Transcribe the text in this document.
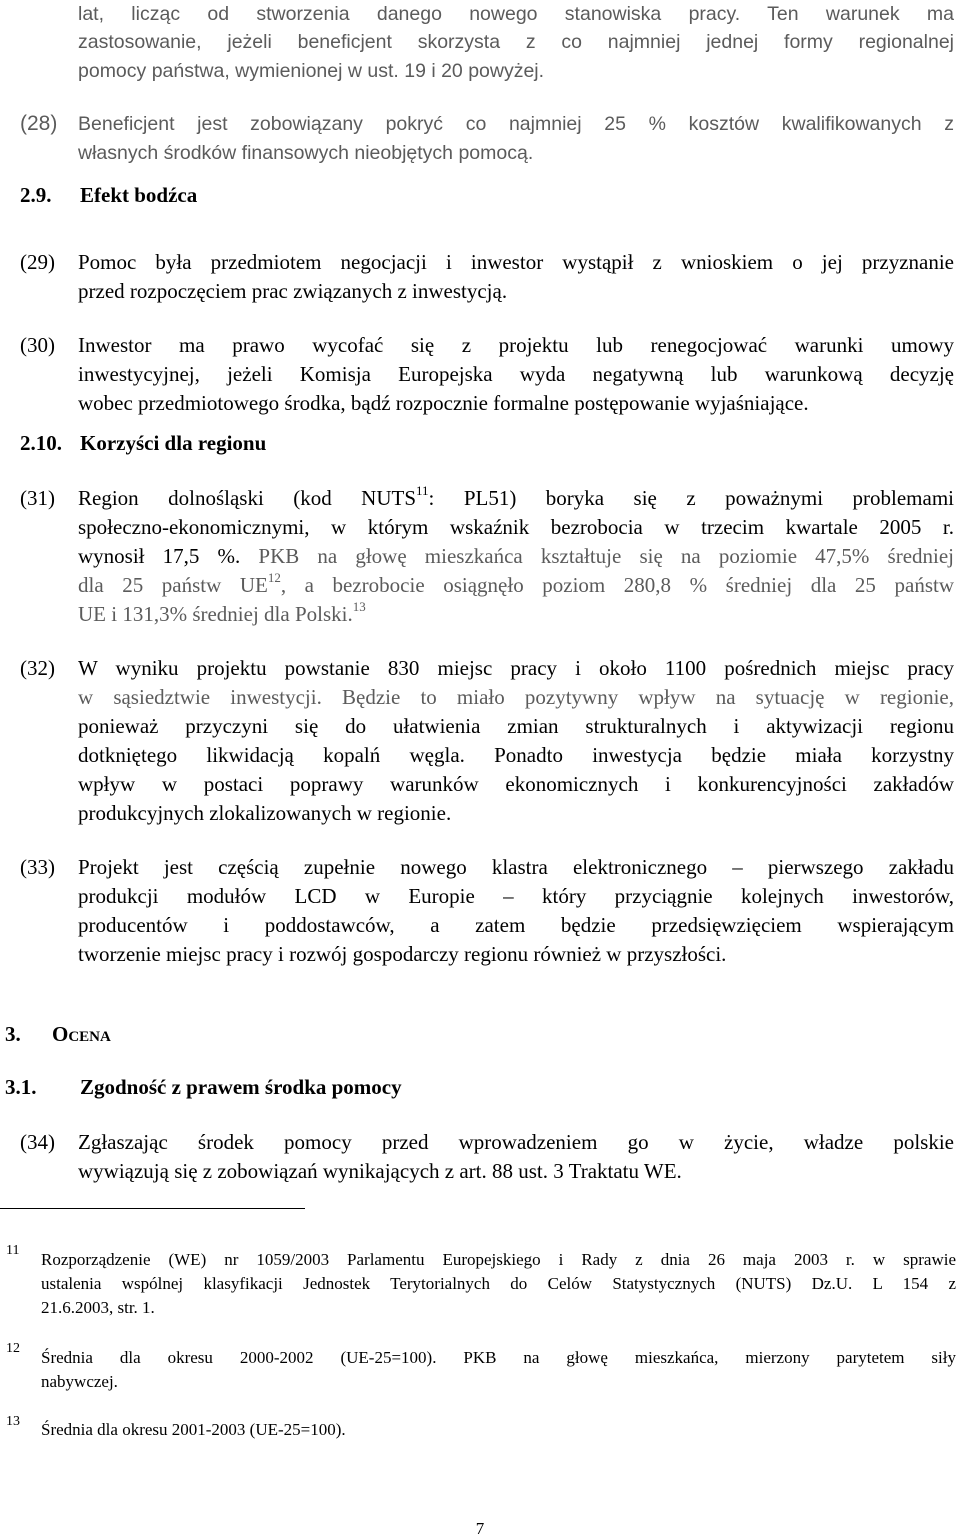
lat, licząc od stworzenia danego nowego stanowiska pracy. Ten warunek ma
zastosowanie, jeżeli beneficjent skorzysta z co najmniej jednej formy regionalnej
pomocy państwa, wymienionej w ust. 19 i 20 powyżej.
(28) Beneficjent jest zobowiązany pokryć co najmniej 25 % kosztów kwalifikowanych z
własnych środków finansowych nieobjętych pomocą.
2.9. Efekt bodźca
(29) Pomoc była przedmiotem negocjacji i inwestor wystąpił z wnioskiem o jej przyznanie
przed rozpoczęciem prac związanych z inwestycją.
(30) Inwestor ma prawo wycofać się z projektu lub renegocjować warunki umowy
inwestycyjnej, jeżeli Komisja Europejska wyda negatywną lub warunkową decyzję
wobec przedmiotowego środka, bądź rozpocznie formalne postępowanie wyjaśniające.
2.10. Korzyści dla regionu
(31) Region dolnośląski (kod NUTS$^{11}$: PL51) boryka się z poważnymi problemami
społeczno-ekonomicznymi, w którym wskaźnik bezrobocia w trzecim kwartale 2005 r.
wynosił 17,5 %. PKB na głowę mieszkańca kształtuje się na poziomie 47,5% średniej
dla 25 państw UE$^{12}$, a bezrobocie osiągnęło poziom 280,8 % średniej dla 25 państw
UE i 131,3% średniej dla Polski.$^{13}$
(32) W wyniku projektu powstanie 830 miejsc pracy i około 1100 pośrednich miejsc pracy
w sąsiedztwie inwestycji. Będzie to miało pozytywny wpływ na sytuację w regionie,
ponieważ przyczyni się do ułatwienia zmian strukturalnych i aktywizacji regionu
dotkniętego likwidacją kopalń węgla. Ponadto inwestycja będzie miała korzystny
wpływ w postaci poprawy warunków ekonomicznych i konkurencyjności zakładów
produkcyjnych zlokalizowanych w regionie.
(33) Projekt jest częścią zupełnie nowego klastra elektronicznego – pierwszego zakładu
produkcji modułów LCD w Europie – który przyciągnie kolejnych inwestorów,
producentów i poddostawców, a zatem będzie przedsięwzięciem wspierającym
tworzenie miejsc pracy i rozwój gospodarczy regionu również w przyszłości.
3. Ocena
3.1. Zgodność z prawem środka pomocy
(34) Zgłaszając środek pomocy przed wprowadzeniem go w życie, władze polskie
wywiązują się z zobowiązań wynikających z art. 88 ust. 3 Traktatu WE.
11 Rozporządzenie (WE) nr 1059/2003 Parlamentu Europejskiego i Rady z dnia 26 maja 2003 r. w sprawie
ustalenia wspólnej klasyfikacji Jednostek Terytorialnych do Celów Statystycznych (NUTS) Dz.U. L 154 z
21.6.2003, str. 1.
12 Średnia dla okresu 2000-2002 (UE-25=100). PKB na głowę mieszkańca, mierzony parytetem siły
nabywczej.
13 Średnia dla okresu 2001-2003 (UE-25=100).
7
